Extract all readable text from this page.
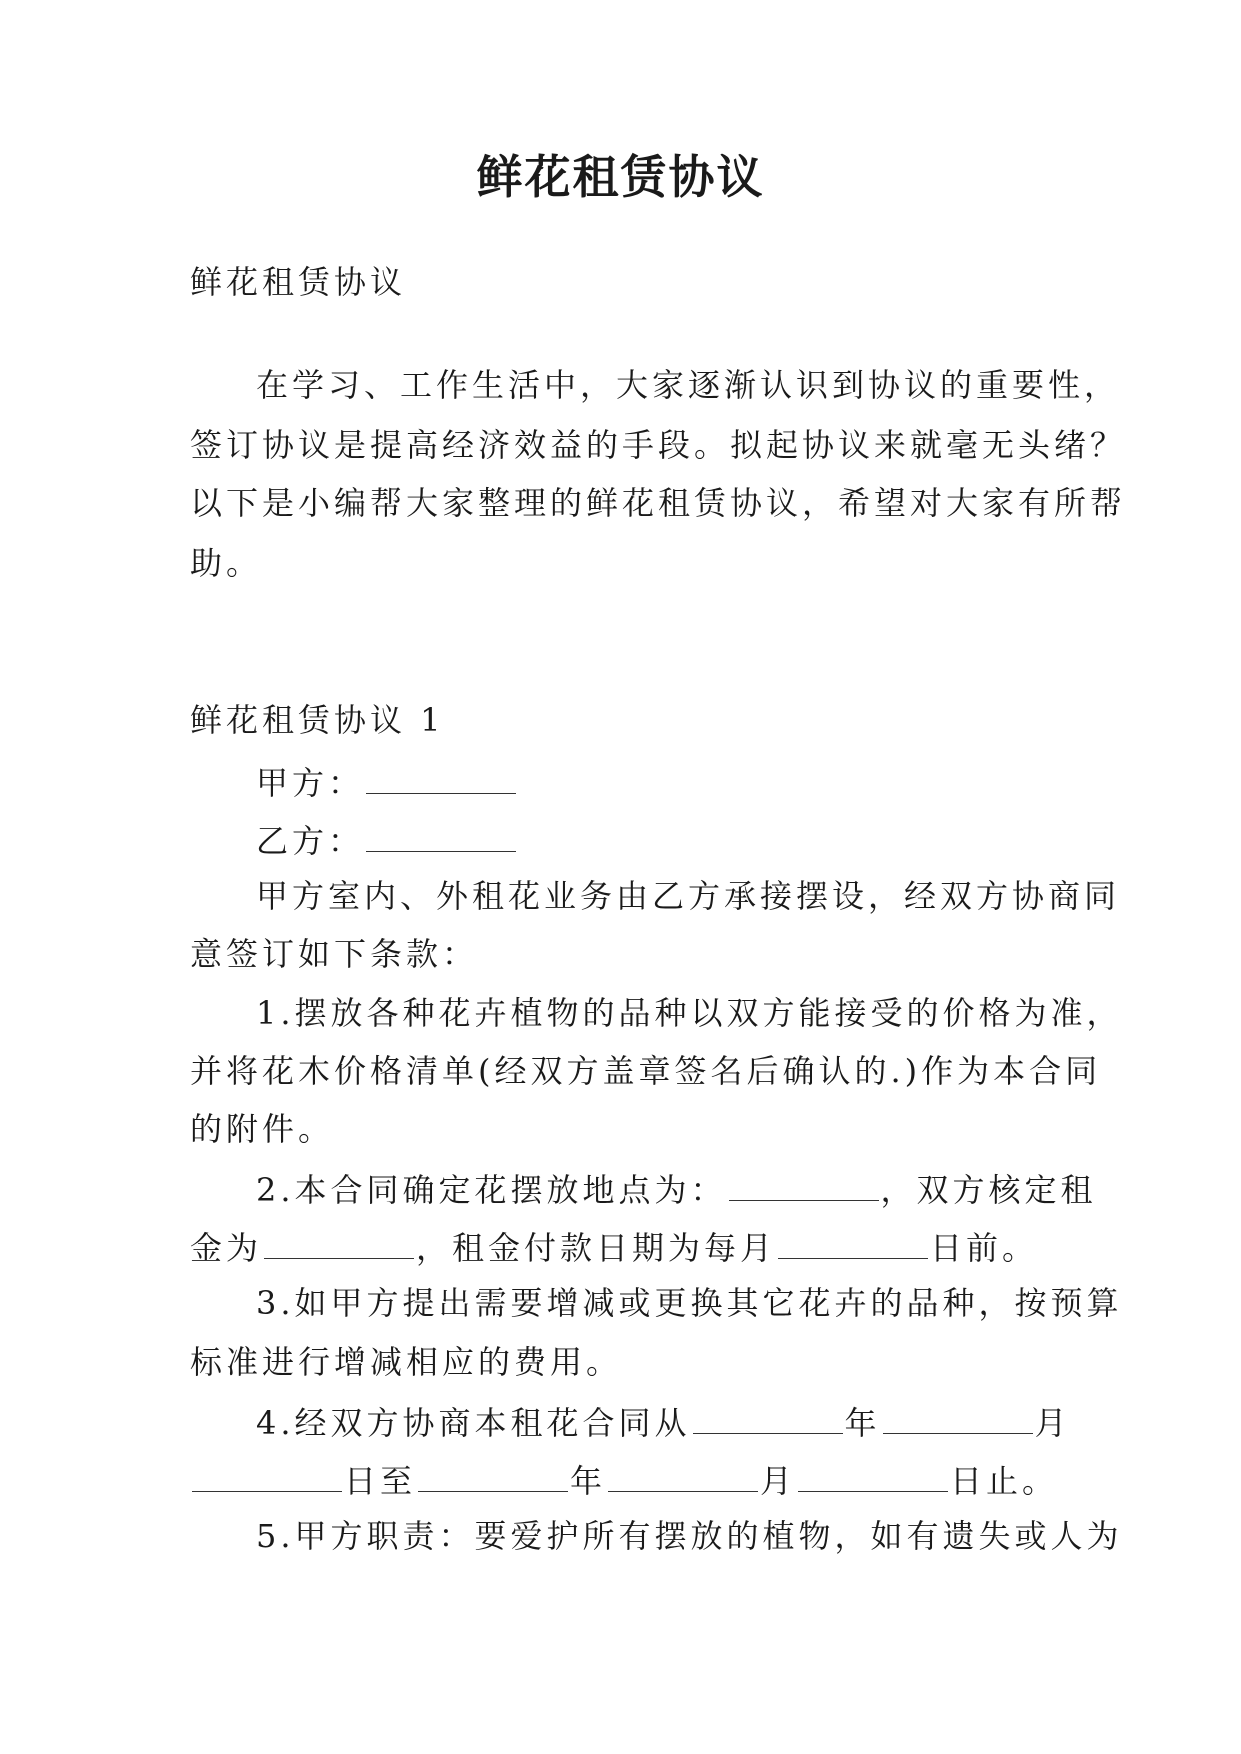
鲜花租赁协议
鲜花租赁协议
在学习、工作生活中，大家逐渐认识到协议的重要性，
签订协议是提高经济效益的手段。拟起协议来就毫无头绪？
以下是小编帮大家整理的鲜花租赁协议，希望对大家有所帮
助。
鲜花租赁协议 1
甲方：
乙方：
甲方室内、外租花业务由乙方承接摆设，经双方协商同
意签订如下条款：
1.摆放各种花卉植物的品种以双方能接受的价格为准，
并将花木价格清单(经双方盖章签名后确认的.)作为本合同
的附件。
2.本合同确定花摆放地点为：	，双方核定租
金为	，租金付款日期为每月	日前。
3.如甲方提出需要增减或更换其它花卉的品种，按预算
标准进行增减相应的费用。
4.经双方协商本租花合同从	年	月
日至	年	月	日止。
5.甲方职责：要爱护所有摆放的植物，如有遗失或人为
